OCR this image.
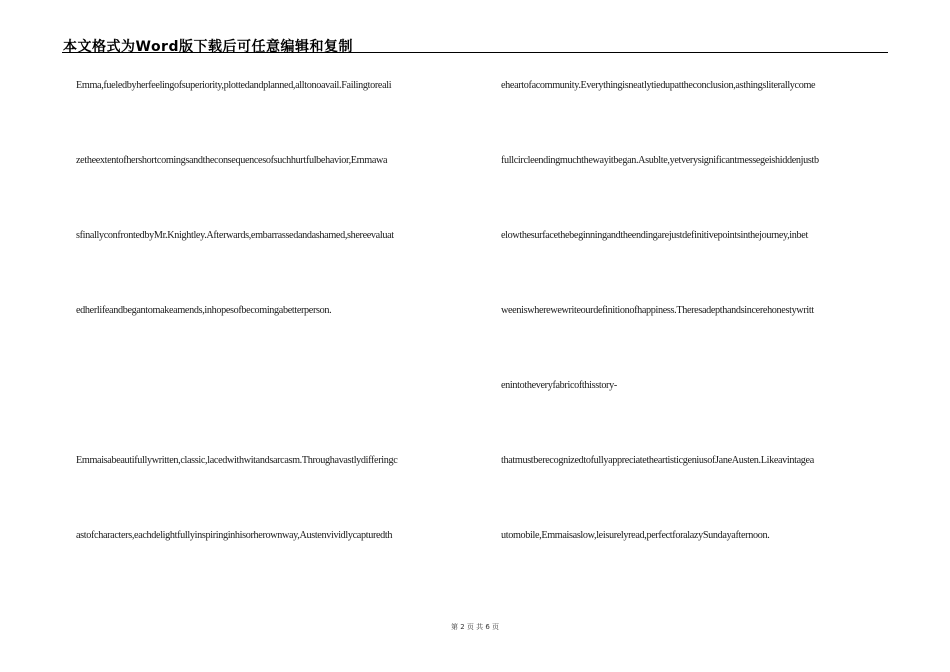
本文格式为Word版下载后可任意编辑和复制
Emma,fueledbyherfeelingofsuperiority,plottedandplanned,alltonoavail.Failingtoreali
zetheextentofhershortcomingsandtheconsequencesofsuchhurtfulbehavior,Emmawa
sfinallyconfrontedbyMr.Knightley.Afterwards,embarrassedandashamed,shereevaluat
edherlifeandbegantomakeamends,inhopesofbecomingabetterperson.
Emmaisabeautifullywritten,classic,lacedwithwitandsarcasm.Throughavastlydifferingc
astofcharacters,eachdelightfullyinspiringinhisorherownway,Austenvividlycapturedth
eheartofacommunity.Everythingisneatlytiedupattheconclusion,asthingsliterallycome
fullcircleendingmuchthewayitbegan.Asublte,yetverysignificantmessegeishiddenjustb
elowthesurfacethebeginningandtheendingarejustdefinitivepointsinthejourney,inbet
weeniswherewewriteourdefinitionofhappiness.Theresadepthandsincerehonestywritt
enintotheveryfabricofthisstory-
thatmustberecognizedtofullyappreciatetheartisticgeniusofJaneAusten.Likeavintagea
utomobile,Emmaisaslow,leisurelyread,perfectforalazySundayafternoon.
第 2 页 共 6 页
